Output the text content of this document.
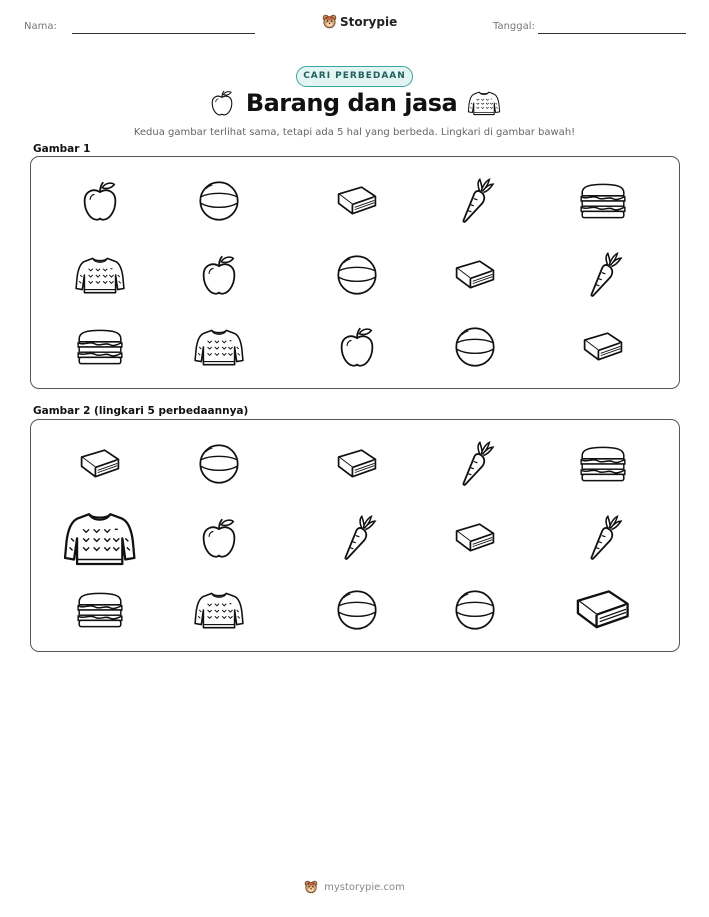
Nama:	Storypie	Tanggal:
CARI PERBEDAAN
Barang dan jasa
Kedua gambar terlihat sama, tetapi ada 5 hal yang berbeda. Lingkari di gambar bawah!
Gambar 1
Gambar 2 (lingkari 5 perbedaannya)
mystorypie.com
